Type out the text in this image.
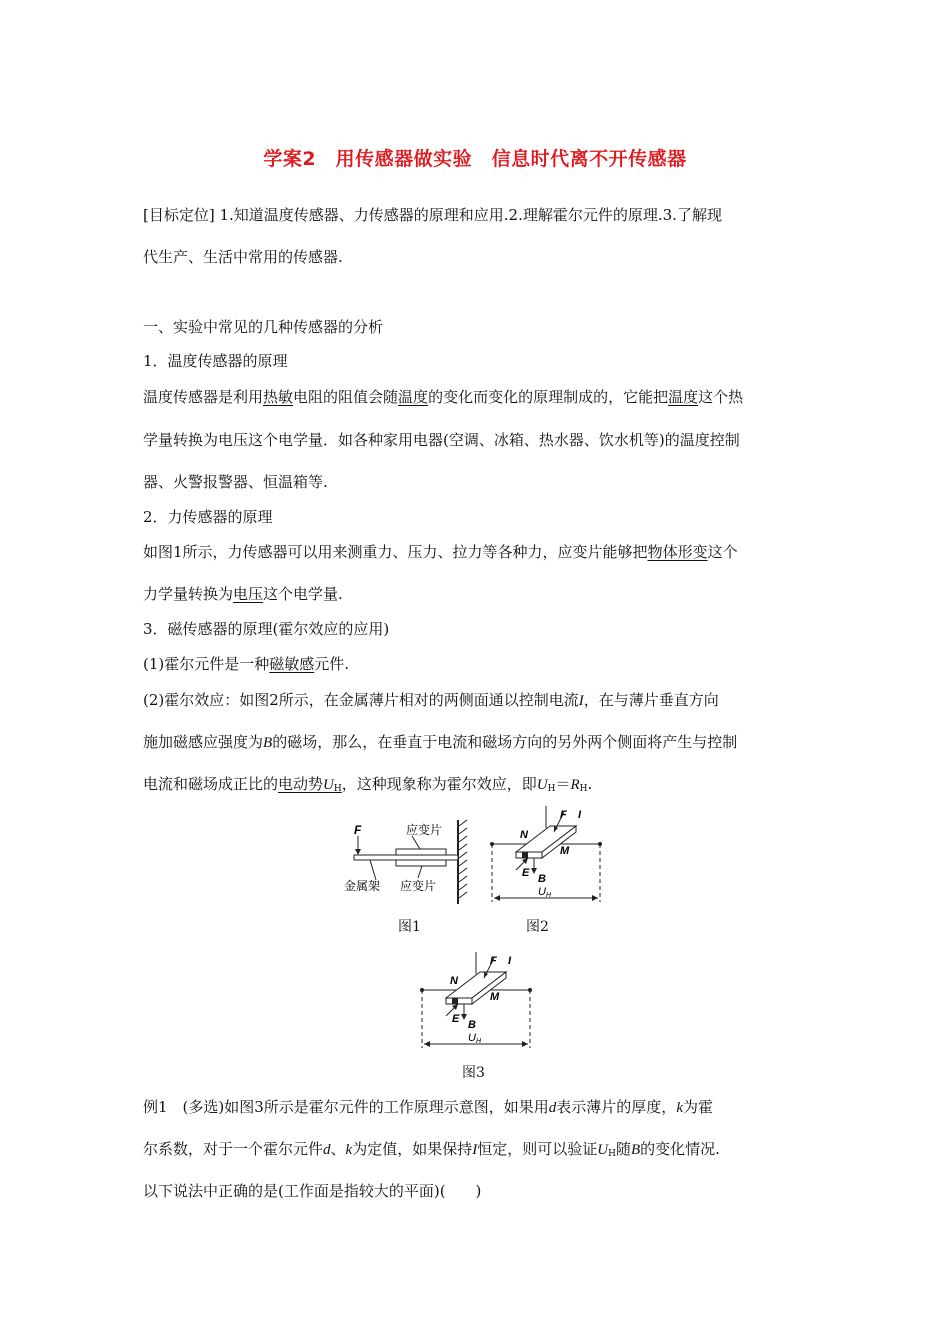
学案2　用传感器做实验　信息时代离不开传感器
[目标定位] 1.知道温度传感器、力传感器的原理和应用.2.理解霍尔元件的原理.3.了解现
代生产、生活中常用的传感器.
一、实验中常见的几种传感器的分析
1．温度传感器的原理
温度传感器是利用热敏电阻的阻值会随温度的变化而变化的原理制成的，它能把温度这个热
学量转换为电压这个电学量．如各种家用电器(空调、冰箱、热水器、饮水机等)的温度控制
器、火警报警器、恒温箱等.
2．力传感器的原理
如图1所示，力传感器可以用来测重力、压力、拉力等各种力，应变片能够把物体形变这个
力学量转换为电压这个电学量.
3．磁传感器的原理(霍尔效应的应用)
(1)霍尔元件是一种磁敏感元件.
(2)霍尔效应：如图2所示，在金属薄片相对的两侧面通以控制电流I，在与薄片垂直方向
施加磁感应强度为B的磁场，那么，在垂直于电流和磁场方向的另外两个侧面将产生与控制
电流和磁场成正比的电动势$U_H$，这种现象称为霍尔效应，即$U_H=R_H$.
F	应变片
金属架 应变片
图1
F I
N
M
E B
UH
图2
F I
N
M
E B
UH
图3
例1　(多选)如图3所示是霍尔元件的工作原理示意图，如果用d表示薄片的厚度，k为霍
尔系数，对于一个霍尔元件d、k为定值，如果保持I恒定，则可以验证$U_H$随B的变化情况.
以下说法中正确的是(工作面是指较大的平面)(　　)
